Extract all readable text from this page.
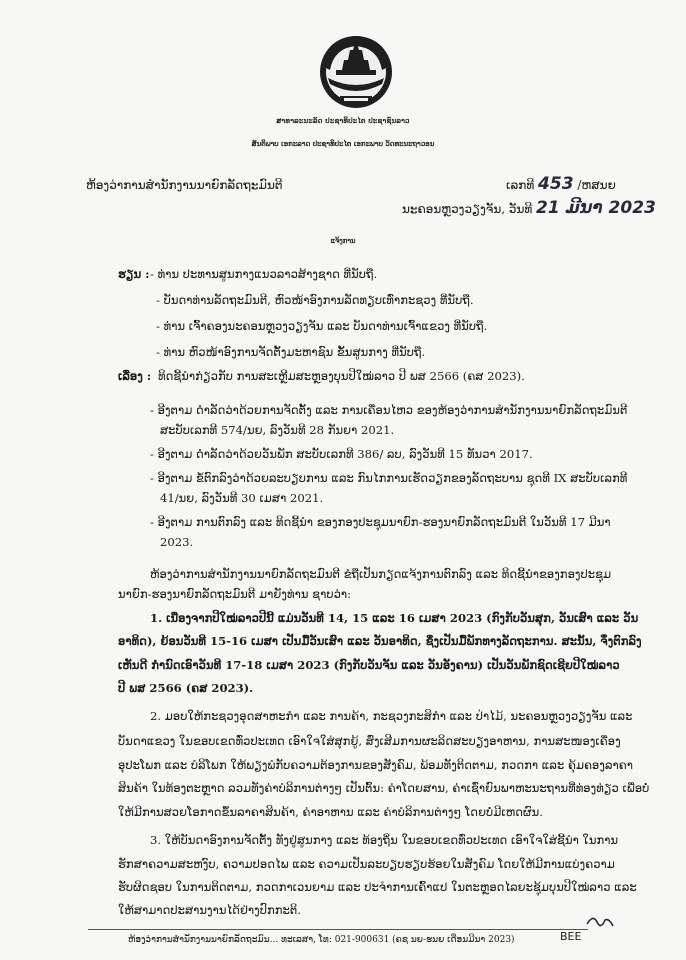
ສາທາລະນະລັດ ປະຊາທິປະໄຕ ປະຊາຊົນລາວ
ສັນຕິພາບ ເອກະລາດ ປະຊາທິປະໄຕ ເອກະພາບ ວັດທະນະຖາວອນ
ຫ້ອງວ່າການສຳນັກງານນາຍົກລັດຖະມົນຕີ	ເລກທີ 453 /ຫສນຍ
ນະຄອນຫຼວງວຽງຈັນ, ວັນທີ 21 ມີນາ 2023
ແຈ້ງການ
ຮຽນ : - ທ່ານ ປະທານສູນກາງແນວລາວສ້າງຊາດ ທີ່ນັບຖື.
- ບັນດາທ່ານລັດຖະມົນຕີ, ຫົວໜ້າອົງການລັດທຽບເທົ່າກະຊວງ ທີ່ນັບຖື.
- ທ່ານ ເຈົ້າຄອງນະຄອນຫຼວງວຽງຈັນ ແລະ ບັນດາທ່ານເຈົ້າແຂວງ ທີ່ນັບຖື.
- ທ່ານ ຫົວໜ້າອົງການຈັດຕັ້ງມະຫາຊົນ ຂັ້ນສູນກາງ ທີ່ນັບຖື.
ເລື່ອງ : ທິດຊີ້ນຳກ່ຽວກັບ ການສະເຫຼີມສະຫຼອງບຸນປີໃໝ່ລາວ ປີ ພສ 2566 (ຄສ 2023).
- ອີງຕາມ ດຳລັດວ່າດ້ວຍການຈັດຕັ້ງ ແລະ ການເຄື່ອນໄຫວ ຂອງຫ້ອງວ່າການສຳນັກງານນາຍົກລັດຖະມົນຕີ
ສະບັບເລກທີ 574/ນຍ, ລົງວັນທີ 28 ກັນຍາ 2021.
- ອີງຕາມ ດຳລັດວ່າດ້ວຍວັນພັກ ສະບັບເລກທີ 386/ ລບ, ລົງວັນທີ 15 ທັນວາ 2017.
- ອີງຕາມ ຂໍ້ຕົກລົງວ່າດ້ວຍລະບຽບການ ແລະ ກົນໄກການເຮັດວຽກຂອງລັດຖະບານ ຊຸດທີ IX ສະບັບເລກທີ
41/ນຍ, ລົງວັນທີ 30 ເມສາ 2021.
- ອີງຕາມ ການຕົກລົງ ແລະ ທິດຊີ້ນຳ ຂອງກອງປະຊຸມນາຍົກ-ຮອງນາຍົກລັດຖະມົນຕີ ໃນວັນທີ 17 ມີນາ
2023.
ຫ້ອງວ່າການສຳນັກງານນາຍົກລັດຖະມົນຕີ ຂໍຖືເປັນກຽດແຈ້ງການຕົກລົງ ແລະ ທິດຊີ້ນຳຂອງກອງປະຊຸມ
ນາຍົກ-ຮອງນາຍົກລັດຖະມົນຕີ ມາຍັງທ່ານ ຊາບວ່າ:
1. ເນື່ອງຈາກປີໃໝ່ລາວປີນີ້ ແມ່ນວັນທີ 14, 15 ແລະ 16 ເມສາ 2023 (ກົງກັບວັນສຸກ, ວັນເສົາ ແລະ ວັນ
ອາທິດ), ຍ້ອນວັນທີ 15-16 ເມສາ ເປັນມື້ວັນເສົາ ແລະ ວັນອາທິດ, ຊຶ່ງເປັນມື້ພັກທາງລັດຖະການ. ສະນັ້ນ, ຈຶ່ງຕົກລົງ
ເຫັນດີ ກຳນົດເອົາວັນທີ 17-18 ເມສາ 2023 (ກົງກັບວັນຈັນ ແລະ ວັນອັງຄານ) ເປັນວັນພັກຊົດເຊີຍປີໃໝ່ລາວ
ປີ ພສ 2566 (ຄສ 2023).
2. ມອບໃຫ້ກະຊວງອຸດສາຫະກຳ ແລະ ການຄ້າ, ກະຊວງກະສິກຳ ແລະ ປ່າໄມ້, ນະຄອນຫຼວງວຽງຈັນ ແລະ
ບັນດາແຂວງ ໃນຂອບເຂດທົ່ວປະເທດ ເອົາໃຈໃສ່ສຸກຍູ້, ສົ່ງເສີມການຜະລິດສະບຽງອາຫານ, ການສະໜອງເຄື່ອງ
ອຸປະໂພກ ແລະ ບໍລິໂພກ ໃຫ້ພຽງພໍກັບຄວາມຕ້ອງການຂອງສັງຄົມ, ພ້ອມທັງຕິດຕາມ, ກວດກາ ແລະ ຄຸ້ມຄອງລາຄາ
ສິນຄ້າ ໃນທ້ອງຕະຫຼາດ ລວມທັງຄ່າບໍລິການຕ່າງໆ ເປັນຕົ້ນ: ຄ່າໂດຍສານ, ຄ່າເຊົ່າຍົນພາຫະນະຖານທີ່ທ່ອງທ່ຽວ ເພື່ອບໍ່
ໃຫ້ມີການສວຍໂອກາດຂຶ້ນລາຄາສິນຄ້າ, ຄ່າອາຫານ ແລະ ຄ່າບໍລິການຕ່າງໆ ໂດຍບໍ່ມີເຫດຜົນ.
3. ໃຫ້ບັນດາອົງການຈັດຕັ້ງ ທັງຢູ່ສູນກາງ ແລະ ທ້ອງຖິ່ນ ໃນຂອບເຂດທົ່ວປະເທດ ເອົາໃຈໃສ່ຊີ້ນຳ ໃນການ
ຮັກສາຄວາມສະຫງົບ, ຄວາມປອດໄພ ແລະ ຄວາມເປັນລະບຽບຮຽບຮ້ອຍໃນສັງຄົມ ໂດຍໃຫ້ມີການແບ່ງຄວາມ
ຮັບຜິດຊອບ ໃນການຕິດຕາມ, ກວດກາເວນຍາມ ແລະ ປະຈຳການເຄົ້າແປ ໃນຕະຫຼອດໄລຍະຊຸ້ມບຸນປີໃໝ່ລາວ ແລະ
ໃຫ້ສາມາດປະສານງານໄດ້ຢ່າງປົກກະຕິ.
ຫ້ອງວ່າການສຳນັກງານນາຍົກລັດຖະມົນ... ທະເລສາ, ໂທ: 021-900631 (ຄຊ ນຍ-ຮນຍ ເດືອນມີນາ 2023)	BEE
